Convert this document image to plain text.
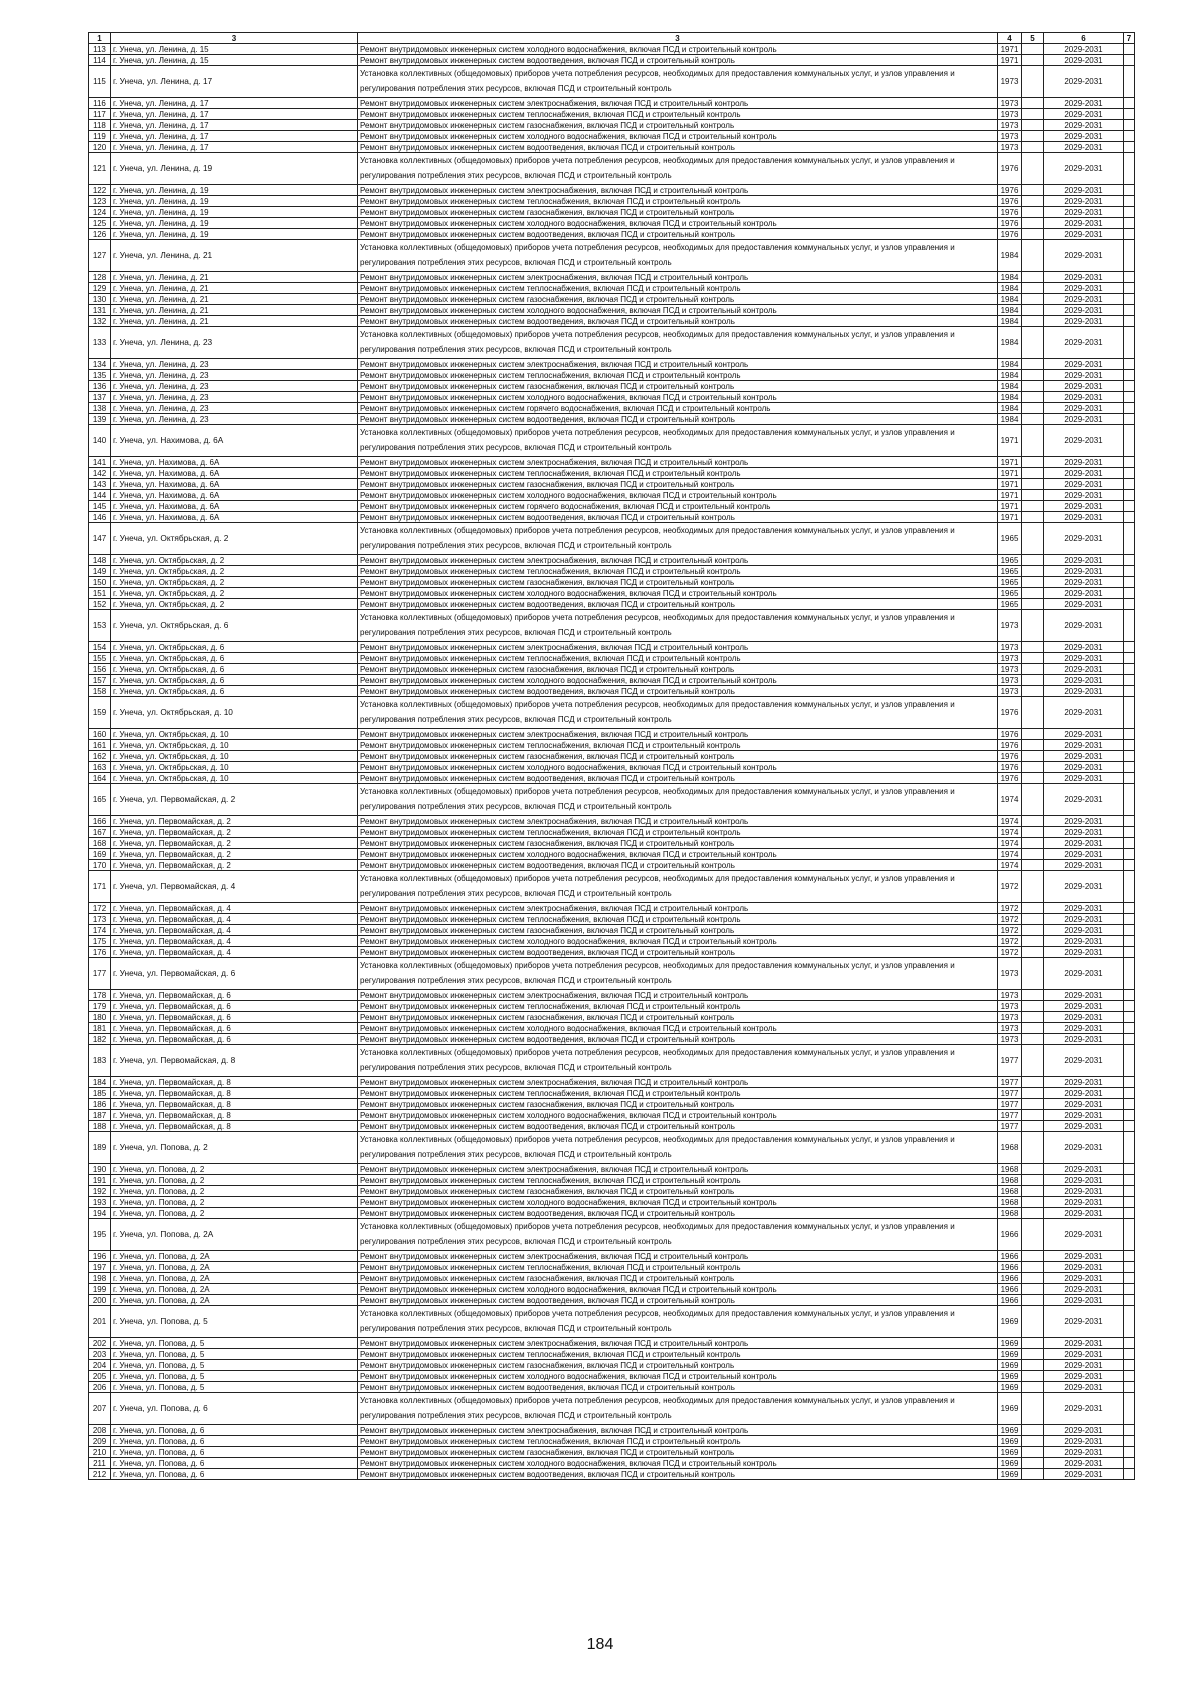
1	3	3	4	5	6	7
113	г. Унеча, ул. Ленина, д. 15	Ремонт внутридомовых инженерных систем холодного водоснабжения, включая ПСД и строительный контроль	1971		2029-2031	
114	г. Унеча, ул. Ленина, д. 15	Ремонт внутридомовых инженерных систем водоотведения, включая ПСД и строительный контроль	1971		2029-2031	
115	г. Унеча, ул. Ленина, д. 17	Установка коллективных (общедомовых) приборов учета потребления ресурсов, необходимых для предоставления коммунальных услуг, и узлов управления и регулирования потребления этих ресурсов, включая ПСД и строительный контроль	1973		2029-2031	
116	г. Унеча, ул. Ленина, д. 17	Ремонт внутридомовых инженерных систем электроснабжения, включая ПСД и строительный контроль	1973		2029-2031	
117	г. Унеча, ул. Ленина, д. 17	Ремонт внутридомовых инженерных систем теплоснабжения, включая ПСД и строительный контроль	1973		2029-2031	
118	г. Унеча, ул. Ленина, д. 17	Ремонт внутридомовых инженерных систем газоснабжения, включая ПСД и строительный контроль	1973		2029-2031	
119	г. Унеча, ул. Ленина, д. 17	Ремонт внутридомовых инженерных систем холодного водоснабжения, включая ПСД и строительный контроль	1973		2029-2031	
120	г. Унеча, ул. Ленина, д. 17	Ремонт внутридомовых инженерных систем водоотведения, включая ПСД и строительный контроль	1973		2029-2031	
121	г. Унеча, ул. Ленина, д. 19	Установка коллективных (общедомовых) приборов учета потребления ресурсов, необходимых для предоставления коммунальных услуг, и узлов управления и регулирования потребления этих ресурсов, включая ПСД и строительный контроль	1976		2029-2031	
122	г. Унеча, ул. Ленина, д. 19	Ремонт внутридомовых инженерных систем электроснабжения, включая ПСД и строительный контроль	1976		2029-2031	
123	г. Унеча, ул. Ленина, д. 19	Ремонт внутридомовых инженерных систем теплоснабжения, включая ПСД и строительный контроль	1976		2029-2031	
124	г. Унеча, ул. Ленина, д. 19	Ремонт внутридомовых инженерных систем газоснабжения, включая ПСД и строительный контроль	1976		2029-2031	
125	г. Унеча, ул. Ленина, д. 19	Ремонт внутридомовых инженерных систем холодного водоснабжения, включая ПСД и строительный контроль	1976		2029-2031	
126	г. Унеча, ул. Ленина, д. 19	Ремонт внутридомовых инженерных систем водоотведения, включая ПСД и строительный контроль	1976		2029-2031	
127	г. Унеча, ул. Ленина, д. 21	Установка коллективных (общедомовых) приборов учета потребления ресурсов, необходимых для предоставления коммунальных услуг, и узлов управления и регулирования потребления этих ресурсов, включая ПСД и строительный контроль	1984		2029-2031	
128	г. Унеча, ул. Ленина, д. 21	Ремонт внутридомовых инженерных систем электроснабжения, включая ПСД и строительный контроль	1984		2029-2031	
129	г. Унеча, ул. Ленина, д. 21	Ремонт внутридомовых инженерных систем теплоснабжения, включая ПСД и строительный контроль	1984		2029-2031	
130	г. Унеча, ул. Ленина, д. 21	Ремонт внутридомовых инженерных систем газоснабжения, включая ПСД и строительный контроль	1984		2029-2031	
131	г. Унеча, ул. Ленина, д. 21	Ремонт внутридомовых инженерных систем холодного водоснабжения, включая ПСД и строительный контроль	1984		2029-2031	
132	г. Унеча, ул. Ленина, д. 21	Ремонт внутридомовых инженерных систем водоотведения, включая ПСД и строительный контроль	1984		2029-2031	
133	г. Унеча, ул. Ленина, д. 23	Установка коллективных (общедомовых) приборов учета потребления ресурсов, необходимых для предоставления коммунальных услуг, и узлов управления и регулирования потребления этих ресурсов, включая ПСД и строительный контроль	1984		2029-2031	
134	г. Унеча, ул. Ленина, д. 23	Ремонт внутридомовых инженерных систем электроснабжения, включая ПСД и строительный контроль	1984		2029-2031	
135	г. Унеча, ул. Ленина, д. 23	Ремонт внутридомовых инженерных систем теплоснабжения, включая ПСД и строительный контроль	1984		2029-2031	
136	г. Унеча, ул. Ленина, д. 23	Ремонт внутридомовых инженерных систем газоснабжения, включая ПСД и строительный контроль	1984		2029-2031	
137	г. Унеча, ул. Ленина, д. 23	Ремонт внутридомовых инженерных систем холодного водоснабжения, включая ПСД и строительный контроль	1984		2029-2031	
138	г. Унеча, ул. Ленина, д. 23	Ремонт внутридомовых инженерных систем горячего водоснабжения, включая ПСД и строительный контроль	1984		2029-2031	
139	г. Унеча, ул. Ленина, д. 23	Ремонт внутридомовых инженерных систем водоотведения, включая ПСД и строительный контроль	1984		2029-2031	
140	г. Унеча, ул. Нахимова, д. 6А	Установка коллективных (общедомовых) приборов учета потребления ресурсов, необходимых для предоставления коммунальных услуг, и узлов управления и регулирования потребления этих ресурсов, включая ПСД и строительный контроль	1971		2029-2031	
141	г. Унеча, ул. Нахимова, д. 6А	Ремонт внутридомовых инженерных систем электроснабжения, включая ПСД и строительный контроль	1971		2029-2031	
142	г. Унеча, ул. Нахимова, д. 6А	Ремонт внутридомовых инженерных систем теплоснабжения, включая ПСД и строительный контроль	1971		2029-2031	
143	г. Унеча, ул. Нахимова, д. 6А	Ремонт внутридомовых инженерных систем газоснабжения, включая ПСД и строительный контроль	1971		2029-2031	
144	г. Унеча, ул. Нахимова, д. 6А	Ремонт внутридомовых инженерных систем холодного водоснабжения, включая ПСД и строительный контроль	1971		2029-2031	
145	г. Унеча, ул. Нахимова, д. 6А	Ремонт внутридомовых инженерных систем горячего водоснабжения, включая ПСД и строительный контроль	1971		2029-2031	
146	г. Унеча, ул. Нахимова, д. 6А	Ремонт внутридомовых инженерных систем водоотведения, включая ПСД и строительный контроль	1971		2029-2031	
147	г. Унеча, ул. Октябрьская, д. 2	Установка коллективных (общедомовых) приборов учета потребления ресурсов, необходимых для предоставления коммунальных услуг, и узлов управления и регулирования потребления этих ресурсов, включая ПСД и строительный контроль	1965		2029-2031	
148	г. Унеча, ул. Октябрьская, д. 2	Ремонт внутридомовых инженерных систем электроснабжения, включая ПСД и строительный контроль	1965		2029-2031	
149	г. Унеча, ул. Октябрьская, д. 2	Ремонт внутридомовых инженерных систем теплоснабжения, включая ПСД и строительный контроль	1965		2029-2031	
150	г. Унеча, ул. Октябрьская, д. 2	Ремонт внутридомовых инженерных систем газоснабжения, включая ПСД и строительный контроль	1965		2029-2031	
151	г. Унеча, ул. Октябрьская, д. 2	Ремонт внутридомовых инженерных систем холодного водоснабжения, включая ПСД и строительный контроль	1965		2029-2031	
152	г. Унеча, ул. Октябрьская, д. 2	Ремонт внутридомовых инженерных систем водоотведения, включая ПСД и строительный контроль	1965		2029-2031	
153	г. Унеча, ул. Октябрьская, д. 6	Установка коллективных (общедомовых) приборов учета потребления ресурсов, необходимых для предоставления коммунальных услуг, и узлов управления и регулирования потребления этих ресурсов, включая ПСД и строительный контроль	1973		2029-2031	
154	г. Унеча, ул. Октябрьская, д. 6	Ремонт внутридомовых инженерных систем электроснабжения, включая ПСД и строительный контроль	1973		2029-2031	
155	г. Унеча, ул. Октябрьская, д. 6	Ремонт внутридомовых инженерных систем теплоснабжения, включая ПСД и строительный контроль	1973		2029-2031	
156	г. Унеча, ул. Октябрьская, д. 6	Ремонт внутридомовых инженерных систем газоснабжения, включая ПСД и строительный контроль	1973		2029-2031	
157	г. Унеча, ул. Октябрьская, д. 6	Ремонт внутридомовых инженерных систем холодного водоснабжения, включая ПСД и строительный контроль	1973		2029-2031	
158	г. Унеча, ул. Октябрьская, д. 6	Ремонт внутридомовых инженерных систем водоотведения, включая ПСД и строительный контроль	1973		2029-2031	
159	г. Унеча, ул. Октябрьская, д. 10	Установка коллективных (общедомовых) приборов учета потребления ресурсов, необходимых для предоставления коммунальных услуг, и узлов управления и регулирования потребления этих ресурсов, включая ПСД и строительный контроль	1976		2029-2031	
160	г. Унеча, ул. Октябрьская, д. 10	Ремонт внутридомовых инженерных систем электроснабжения, включая ПСД и строительный контроль	1976		2029-2031	
161	г. Унеча, ул. Октябрьская, д. 10	Ремонт внутридомовых инженерных систем теплоснабжения, включая ПСД и строительный контроль	1976		2029-2031	
162	г. Унеча, ул. Октябрьская, д. 10	Ремонт внутридомовых инженерных систем газоснабжения, включая ПСД и строительный контроль	1976		2029-2031	
163	г. Унеча, ул. Октябрьская, д. 10	Ремонт внутридомовых инженерных систем холодного водоснабжения, включая ПСД и строительный контроль	1976		2029-2031	
164	г. Унеча, ул. Октябрьская, д. 10	Ремонт внутридомовых инженерных систем водоотведения, включая ПСД и строительный контроль	1976		2029-2031	
165	г. Унеча, ул. Первомайская, д. 2	Установка коллективных (общедомовых) приборов учета потребления ресурсов, необходимых для предоставления коммунальных услуг, и узлов управления и регулирования потребления этих ресурсов, включая ПСД и строительный контроль	1974		2029-2031	
166	г. Унеча, ул. Первомайская, д. 2	Ремонт внутридомовых инженерных систем электроснабжения, включая ПСД и строительный контроль	1974		2029-2031	
167	г. Унеча, ул. Первомайская, д. 2	Ремонт внутридомовых инженерных систем теплоснабжения, включая ПСД и строительный контроль	1974		2029-2031	
168	г. Унеча, ул. Первомайская, д. 2	Ремонт внутридомовых инженерных систем газоснабжения, включая ПСД и строительный контроль	1974		2029-2031	
169	г. Унеча, ул. Первомайская, д. 2	Ремонт внутридомовых инженерных систем холодного водоснабжения, включая ПСД и строительный контроль	1974		2029-2031	
170	г. Унеча, ул. Первомайская, д. 2	Ремонт внутридомовых инженерных систем водоотведения, включая ПСД и строительный контроль	1974		2029-2031	
171	г. Унеча, ул. Первомайская, д. 4	Установка коллективных (общедомовых) приборов учета потребления ресурсов, необходимых для предоставления коммунальных услуг, и узлов управления и регулирования потребления этих ресурсов, включая ПСД и строительный контроль	1972		2029-2031	
172	г. Унеча, ул. Первомайская, д. 4	Ремонт внутридомовых инженерных систем электроснабжения, включая ПСД и строительный контроль	1972		2029-2031	
173	г. Унеча, ул. Первомайская, д. 4	Ремонт внутридомовых инженерных систем теплоснабжения, включая ПСД и строительный контроль	1972		2029-2031	
174	г. Унеча, ул. Первомайская, д. 4	Ремонт внутридомовых инженерных систем газоснабжения, включая ПСД и строительный контроль	1972		2029-2031	
175	г. Унеча, ул. Первомайская, д. 4	Ремонт внутридомовых инженерных систем холодного водоснабжения, включая ПСД и строительный контроль	1972		2029-2031	
176	г. Унеча, ул. Первомайская, д. 4	Ремонт внутридомовых инженерных систем водоотведения, включая ПСД и строительный контроль	1972		2029-2031	
177	г. Унеча, ул. Первомайская, д. 6	Установка коллективных (общедомовых) приборов учета потребления ресурсов, необходимых для предоставления коммунальных услуг, и узлов управления и регулирования потребления этих ресурсов, включая ПСД и строительный контроль	1973		2029-2031	
178	г. Унеча, ул. Первомайская, д. 6	Ремонт внутридомовых инженерных систем электроснабжения, включая ПСД и строительный контроль	1973		2029-2031	
179	г. Унеча, ул. Первомайская, д. 6	Ремонт внутридомовых инженерных систем теплоснабжения, включая ПСД и строительный контроль	1973		2029-2031	
180	г. Унеча, ул. Первомайская, д. 6	Ремонт внутридомовых инженерных систем газоснабжения, включая ПСД и строительный контроль	1973		2029-2031	
181	г. Унеча, ул. Первомайская, д. 6	Ремонт внутридомовых инженерных систем холодного водоснабжения, включая ПСД и строительный контроль	1973		2029-2031	
182	г. Унеча, ул. Первомайская, д. 6	Ремонт внутридомовых инженерных систем водоотведения, включая ПСД и строительный контроль	1973		2029-2031	
183	г. Унеча, ул. Первомайская, д. 8	Установка коллективных (общедомовых) приборов учета потребления ресурсов, необходимых для предоставления коммунальных услуг, и узлов управления и регулирования потребления этих ресурсов, включая ПСД и строительный контроль	1977		2029-2031	
184	г. Унеча, ул. Первомайская, д. 8	Ремонт внутридомовых инженерных систем электроснабжения, включая ПСД и строительный контроль	1977		2029-2031	
185	г. Унеча, ул. Первомайская, д. 8	Ремонт внутридомовых инженерных систем теплоснабжения, включая ПСД и строительный контроль	1977		2029-2031	
186	г. Унеча, ул. Первомайская, д. 8	Ремонт внутридомовых инженерных систем газоснабжения, включая ПСД и строительный контроль	1977		2029-2031	
187	г. Унеча, ул. Первомайская, д. 8	Ремонт внутридомовых инженерных систем холодного водоснабжения, включая ПСД и строительный контроль	1977		2029-2031	
188	г. Унеча, ул. Первомайская, д. 8	Ремонт внутридомовых инженерных систем водоотведения, включая ПСД и строительный контроль	1977		2029-2031	
189	г. Унеча, ул. Попова, д. 2	Установка коллективных (общедомовых) приборов учета потребления ресурсов, необходимых для предоставления коммунальных услуг, и узлов управления и регулирования потребления этих ресурсов, включая ПСД и строительный контроль	1968		2029-2031	
190	г. Унеча, ул. Попова, д. 2	Ремонт внутридомовых инженерных систем электроснабжения, включая ПСД и строительный контроль	1968		2029-2031	
191	г. Унеча, ул. Попова, д. 2	Ремонт внутридомовых инженерных систем теплоснабжения, включая ПСД и строительный контроль	1968		2029-2031	
192	г. Унеча, ул. Попова, д. 2	Ремонт внутридомовых инженерных систем газоснабжения, включая ПСД и строительный контроль	1968		2029-2031	
193	г. Унеча, ул. Попова, д. 2	Ремонт внутридомовых инженерных систем холодного водоснабжения, включая ПСД и строительный контроль	1968		2029-2031	
194	г. Унеча, ул. Попова, д. 2	Ремонт внутридомовых инженерных систем водоотведения, включая ПСД и строительный контроль	1968		2029-2031	
195	г. Унеча, ул. Попова, д. 2А	Установка коллективных (общедомовых) приборов учета потребления ресурсов, необходимых для предоставления коммунальных услуг, и узлов управления и регулирования потребления этих ресурсов, включая ПСД и строительный контроль	1966		2029-2031	
196	г. Унеча, ул. Попова, д. 2А	Ремонт внутридомовых инженерных систем электроснабжения, включая ПСД и строительный контроль	1966		2029-2031	
197	г. Унеча, ул. Попова, д. 2А	Ремонт внутридомовых инженерных систем теплоснабжения, включая ПСД и строительный контроль	1966		2029-2031	
198	г. Унеча, ул. Попова, д. 2А	Ремонт внутридомовых инженерных систем газоснабжения, включая ПСД и строительный контроль	1966		2029-2031	
199	г. Унеча, ул. Попова, д. 2А	Ремонт внутридомовых инженерных систем холодного водоснабжения, включая ПСД и строительный контроль	1966		2029-2031	
200	г. Унеча, ул. Попова, д. 2А	Ремонт внутридомовых инженерных систем водоотведения, включая ПСД и строительный контроль	1966		2029-2031	
201	г. Унеча, ул. Попова, д. 5	Установка коллективных (общедомовых) приборов учета потребления ресурсов, необходимых для предоставления коммунальных услуг, и узлов управления и регулирования потребления этих ресурсов, включая ПСД и строительный контроль	1969		2029-2031	
202	г. Унеча, ул. Попова, д. 5	Ремонт внутридомовых инженерных систем электроснабжения, включая ПСД и строительный контроль	1969		2029-2031	
203	г. Унеча, ул. Попова, д. 5	Ремонт внутридомовых инженерных систем теплоснабжения, включая ПСД и строительный контроль	1969		2029-2031	
204	г. Унеча, ул. Попова, д. 5	Ремонт внутридомовых инженерных систем газоснабжения, включая ПСД и строительный контроль	1969		2029-2031	
205	г. Унеча, ул. Попова, д. 5	Ремонт внутридомовых инженерных систем холодного водоснабжения, включая ПСД и строительный контроль	1969		2029-2031	
206	г. Унеча, ул. Попова, д. 5	Ремонт внутридомовых инженерных систем водоотведения, включая ПСД и строительный контроль	1969		2029-2031	
207	г. Унеча, ул. Попова, д. 6	Установка коллективных (общедомовых) приборов учета потребления ресурсов, необходимых для предоставления коммунальных услуг, и узлов управления и регулирования потребления этих ресурсов, включая ПСД и строительный контроль	1969		2029-2031	
208	г. Унеча, ул. Попова, д. 6	Ремонт внутридомовых инженерных систем электроснабжения, включая ПСД и строительный контроль	1969		2029-2031	
209	г. Унеча, ул. Попова, д. 6	Ремонт внутридомовых инженерных систем теплоснабжения, включая ПСД и строительный контроль	1969		2029-2031	
210	г. Унеча, ул. Попова, д. 6	Ремонт внутридомовых инженерных систем газоснабжения, включая ПСД и строительный контроль	1969		2029-2031	
211	г. Унеча, ул. Попова, д. 6	Ремонт внутридомовых инженерных систем холодного водоснабжения, включая ПСД и строительный контроль	1969		2029-2031	
212	г. Унеча, ул. Попова, д. 6	Ремонт внутридомовых инженерных систем водоотведения, включая ПСД и строительный контроль	1969		2029-2031	
184
